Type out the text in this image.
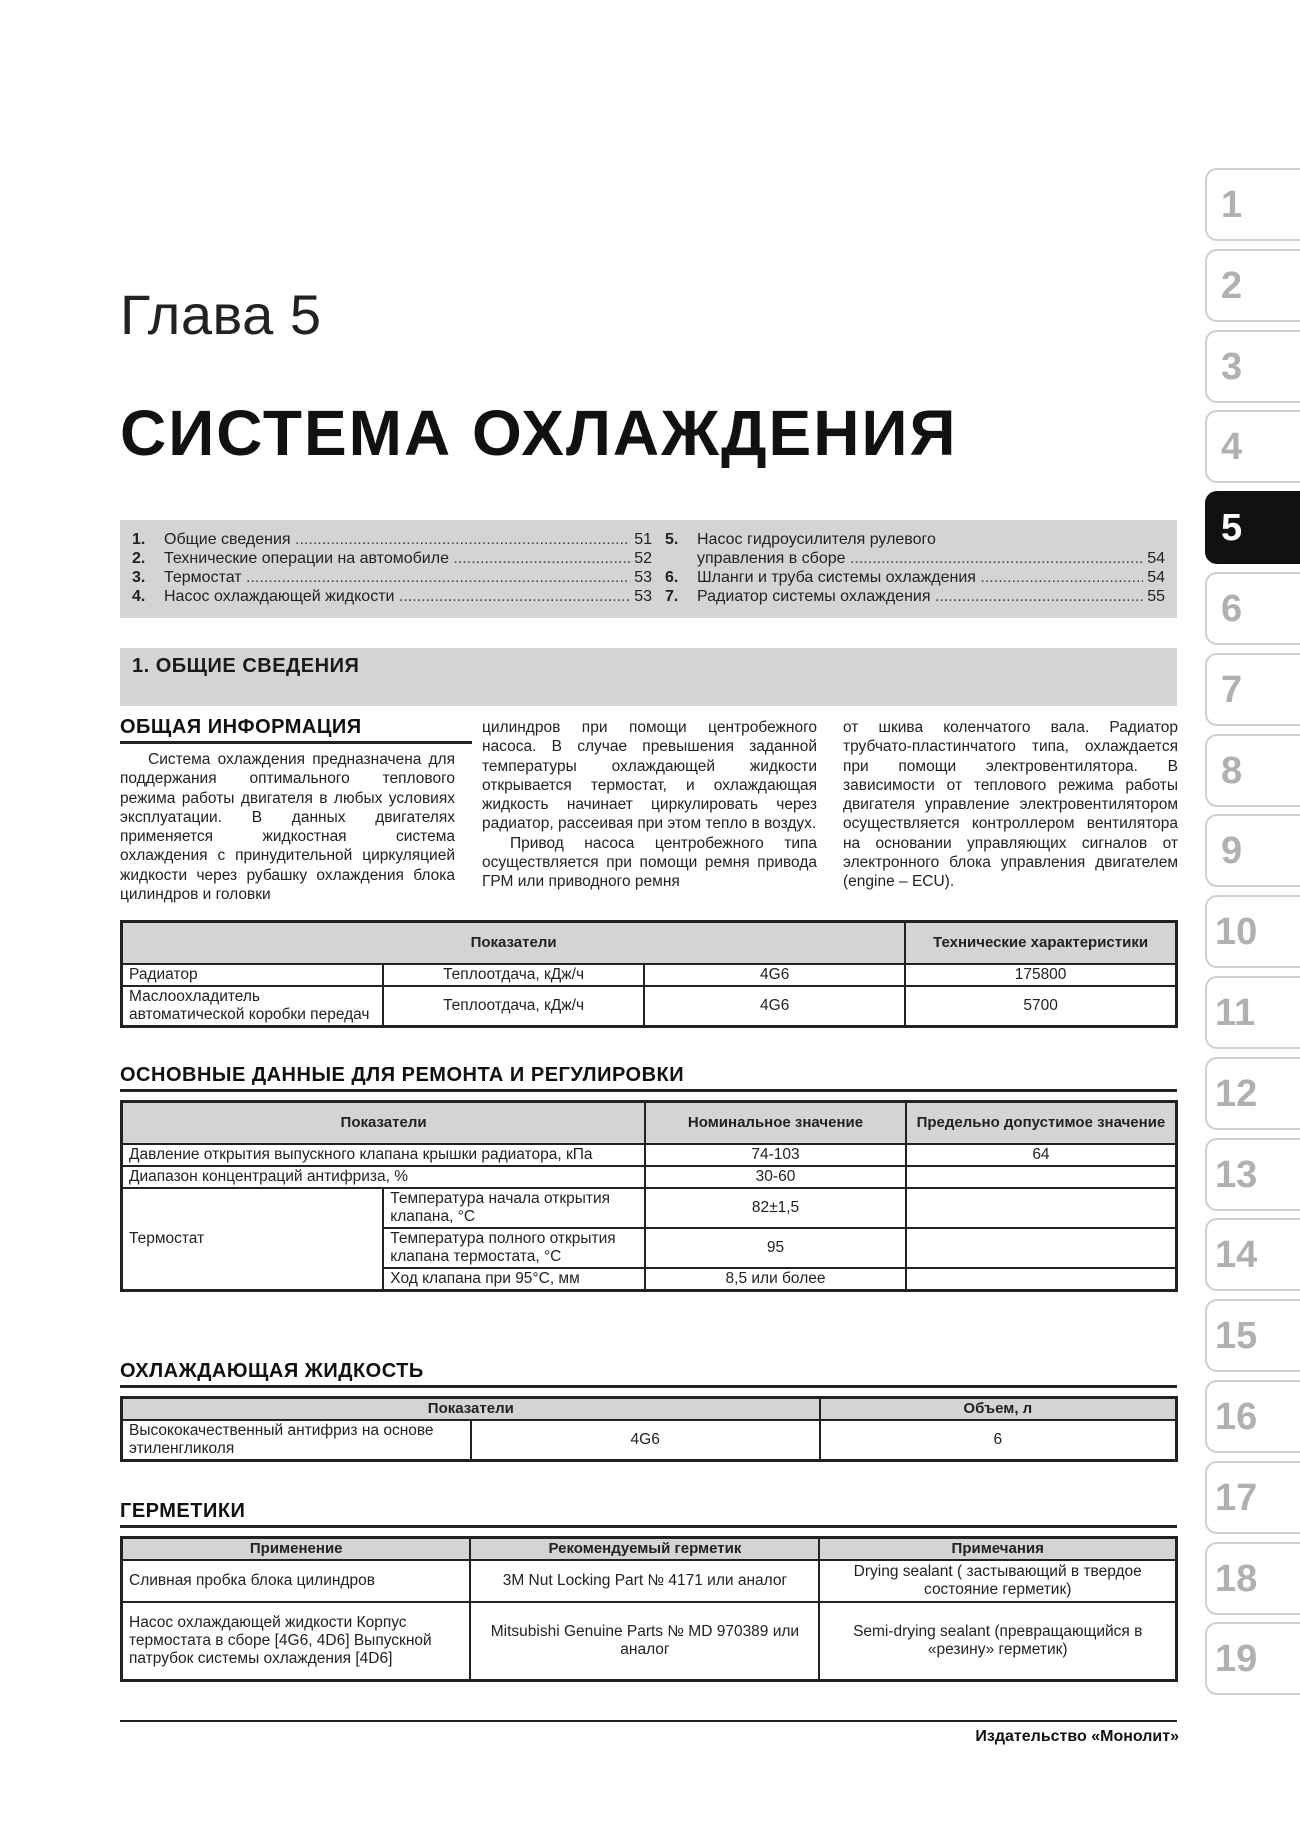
Глава 5
СИСТЕМА ОХЛАЖДЕНИЯ
1.	Общие сведения .....	51
2.	Технические операции на автомобиле .....	52
3.	Термостат .....	53
4.	Насос охлаждающей жидкости .....	53
5.	Насос гидроусилителя рулевого
управления в сборе .....	54
6.	Шланги и труба системы охлаждения .....	54
7.	Радиатор системы охлаждения .....	55
1. ОБЩИЕ СВЕДЕНИЯ
ОБЩАЯ ИНФОРМАЦИЯ

Система охлаждения предназначена для поддержания оптимального теплового режима работы двигателя в любых условиях эксплуатации. В данных двигателях применяется жидкостная система охлаждения с принудительной циркуляцией жидкости через рубашку охлаждения блока цилиндров и головки

цилиндров при помощи центробежного насоса. В случае превышения заданной температуры охлаждающей жидкости открывается термостат, и охлаждающая жидкость начинает циркулировать через радиатор, рассеивая при этом тепло в воздух.

Привод насоса центробежного типа осуществляется при помощи ремня привода ГРМ или приводного ремня

от шкива коленчатого вала. Радиатор трубчато-пластинчатого типа, охлаждается при помощи электровентилятора. В зависимости от теплового режима работы двигателя управление электровентилятором осуществляется контроллером вентилятора на основании управляющих сигналов от электронного блока управления двигателем (engine – ECU).

Показатели			Технические характеристики
Радиатор	Теплоотдача, кДж/ч	4G6	175800
Маслоохладитель автоматической коробки передач	Теплоотдача, кДж/ч	4G6	5700
ОСНОВНЫЕ ДАННЫЕ ДЛЯ РЕМОНТА И РЕГУЛИРОВКИ
Показатели		Номинальное значение	Предельно допустимое значение
Давление открытия выпускного клапана крышки радиатора, кПа		74-103	64
Диапазон концентраций антифриза, %		30-60	
Термостат	Температура начала открытия клапана, °С	82±1,5	
	Температура полного открытия клапана термостата, °С	95	
	Ход клапана при 95°С, мм	8,5 или более	
ОХЛАЖДАЮЩАЯ ЖИДКОСТЬ
Показатели		Объем, л
Высококачественный антифриз на основе этиленгликоля	4G6	6
ГЕРМЕТИКИ
Применение	Рекомендуемый герметик	Примечания
Сливная пробка блока цилиндров	3M Nut Locking Part № 4171 или аналог	Drying sealant ( застывающий в твердое состояние герметик)
Насос охлаждающей жидкости Корпус термостата в сборе [4G6, 4D6] Выпускной патрубок системы охлаждения [4D6]	Mitsubishi Genuine Parts № MD 970389 или аналог	Semi-drying sealant (превращающийся в «резину» герметик)
Издательство «Монолит»
1
2
3
4
5
6
7
8
9
10
11
12
13
14
15
16
17
18
19
